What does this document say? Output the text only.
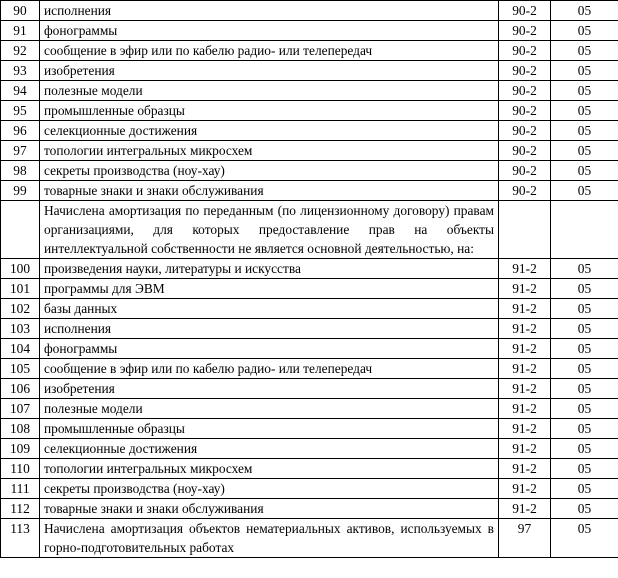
90	исполнения	90-2	05
91	фонограммы	90-2	05
92	сообщение в эфир или по кабелю радио- или телепередач	90-2	05
93	изобретения	90-2	05
94	полезные модели	90-2	05
95	промышленные образцы	90-2	05
96	селекционные достижения	90-2	05
97	топологии интегральных микросхем	90-2	05
98	секреты производства (ноу-хау)	90-2	05
99	товарные знаки и знаки обслуживания	90-2	05
	Начислена амортизация по переданным (по лицензионному договору) правам организациями, для которых предоставление прав на объекты интеллектуальной собственности не является основной деятельностью, на:		
100	произведения науки, литературы и искусства	91-2	05
101	программы для ЭВМ	91-2	05
102	базы данных	91-2	05
103	исполнения	91-2	05
104	фонограммы	91-2	05
105	сообщение в эфир или по кабелю радио- или телепередач	91-2	05
106	изобретения	91-2	05
107	полезные модели	91-2	05
108	промышленные образцы	91-2	05
109	селекционные достижения	91-2	05
110	топологии интегральных микросхем	91-2	05
111	секреты производства (ноу-хау)	91-2	05
112	товарные знаки и знаки обслуживания	91-2	05
113	Начислена амортизация объектов нематериальных активов, используемых в горно-подготовительных работах	97	05
